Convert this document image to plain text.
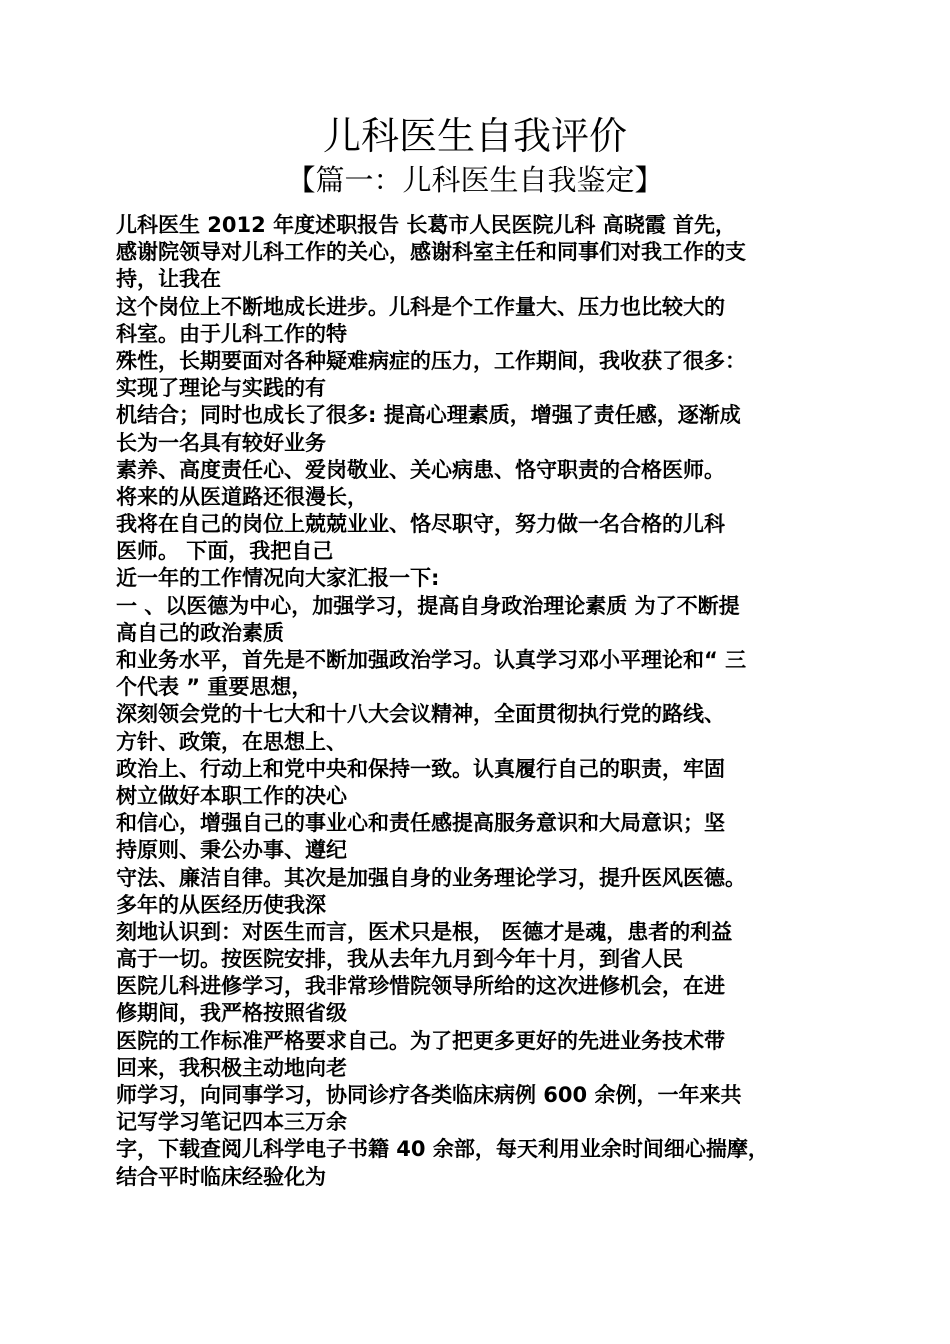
儿科医生自我评价
【篇一：儿科医生自我鉴定】
儿科医生 2012 年度述职报告 长葛市人民医院儿科 高晓霞 首先，
感谢院领导对儿科工作的关心，感谢科室主任和同事们对我工作的支
持，让我在
这个岗位上不断地成长进步。儿科是个工作量大、压力也比较大的
科室。由于儿科工作的特
殊性，长期要面对各种疑难病症的压力，工作期间，我收获了很多：
实现了理论与实践的有
机结合；同时也成长了很多: 提高心理素质，增强了责任感，逐渐成
长为一名具有较好业务
素养、高度责任心、爱岗敬业、关心病患、恪守职责的合格医师。
将来的从医道路还很漫长，
我将在自己的岗位上兢兢业业、恪尽职守，努力做一名合格的儿科
医师。 下面，我把自己
近一年的工作情况向大家汇报一下:
一 、以医德为中心，加强学习，提高自身政治理论素质 为了不断提
高自己的政治素质
和业务水平，首先是不断加强政治学习。认真学习邓小平理论和“ 三
个代表 ” 重要思想，
深刻领会党的十七大和十八大会议精神，全面贯彻执行党的路线、
方针、政策，在思想上、
政治上、行动上和党中央和保持一致。认真履行自己的职责，牢固
树立做好本职工作的决心
和信心，增强自己的事业心和责任感提高服务意识和大局意识；坚
持原则、秉公办事、遵纪
守法、廉洁自律。其次是加强自身的业务理论学习，提升医风医德。
多年的从医经历使我深
刻地认识到：对医生而言，医术只是根， 医德才是魂，患者的利益
高于一切。按医院安排，我从去年九月到今年十月，到省人民
医院儿科进修学习，我非常珍惜院领导所给的这次进修机会，在进
修期间，我严格按照省级
医院的工作标准严格要求自己。为了把更多更好的先进业务技术带
回来，我积极主动地向老
师学习，向同事学习，协同诊疗各类临床病例 600 余例，一年来共
记写学习笔记四本三万余
字，下载查阅儿科学电子书籍 40 余部，每天利用业余时间细心揣摩，
结合平时临床经验化为
